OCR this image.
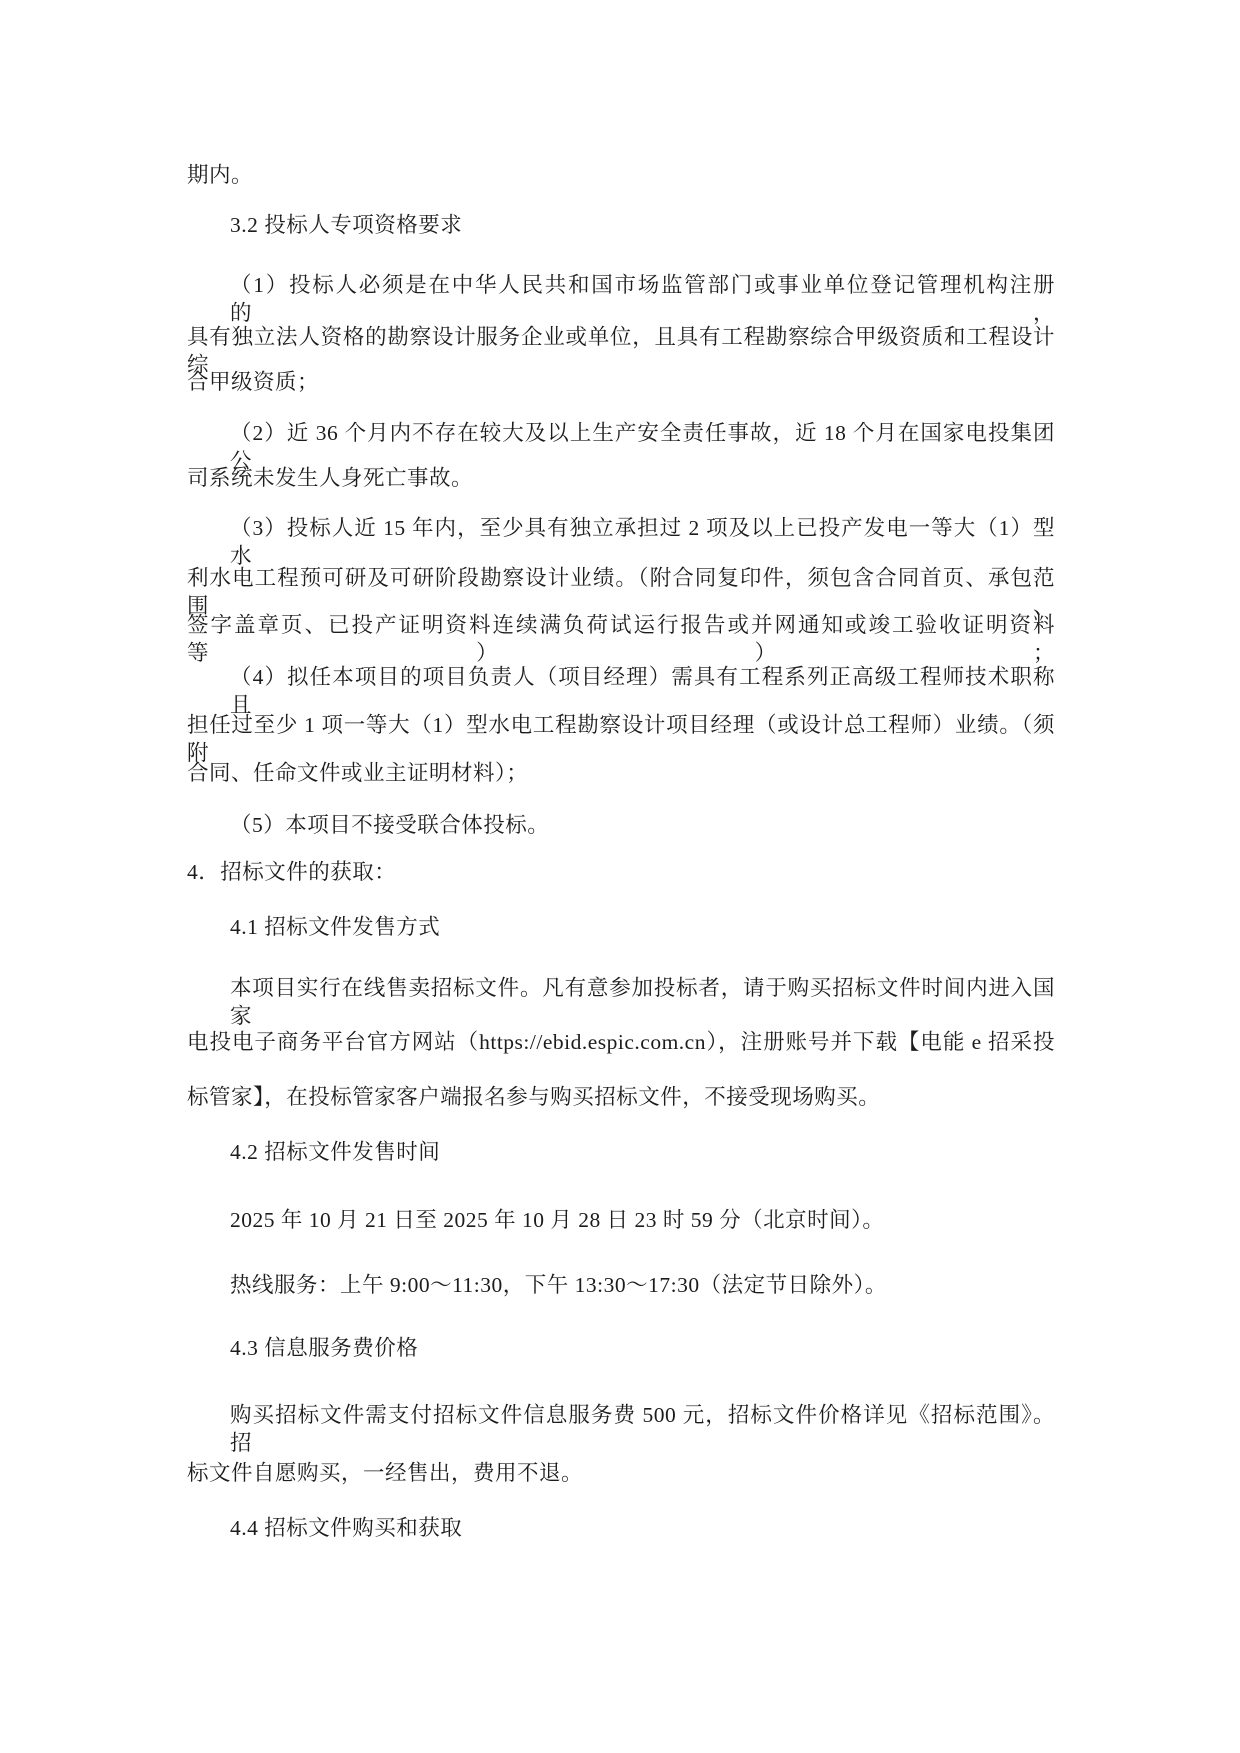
期内。
3.2 投标人专项资格要求
（1）投标人必须是在中华人民共和国市场监管部门或事业单位登记管理机构注册的，
具有独立法人资格的勘察设计服务企业或单位，且具有工程勘察综合甲级资质和工程设计综
合甲级资质；
（2）近 36 个月内不存在较大及以上生产安全责任事故，近 18 个月在国家电投集团公
司系统未发生人身死亡事故。
（3）投标人近 15 年内，至少具有独立承担过 2 项及以上已投产发电一等大（1）型水
利水电工程预可研及可研阶段勘察设计业绩。（附合同复印件，须包含合同首页、承包范围、
签字盖章页、已投产证明资料连续满负荷试运行报告或并网通知或竣工验收证明资料等））；
（4）拟任本项目的项目负责人（项目经理）需具有工程系列正高级工程师技术职称且
担任过至少 1 项一等大（1）型水电工程勘察设计项目经理（或设计总工程师）业绩。（须附
合同、任命文件或业主证明材料）；
（5）本项目不接受联合体投标。
4．招标文件的获取：
4.1 招标文件发售方式
本项目实行在线售卖招标文件。凡有意参加投标者，请于购买招标文件时间内进入国家
电投电子商务平台官方网站（https://ebid.espic.com.cn），注册账号并下载【电能 e 招采投
标管家】，在投标管家客户端报名参与购买招标文件，不接受现场购买。
4.2 招标文件发售时间
2025 年 10 月 21 日至 2025 年 10 月 28 日 23 时 59 分（北京时间）。
热线服务：上午 9:00～11:30，下午 13:30～17:30（法定节日除外）。
4.3 信息服务费价格
购买招标文件需支付招标文件信息服务费 500 元，招标文件价格详见《招标范围》。招
标文件自愿购买，一经售出，费用不退。
4.4 招标文件购买和获取
